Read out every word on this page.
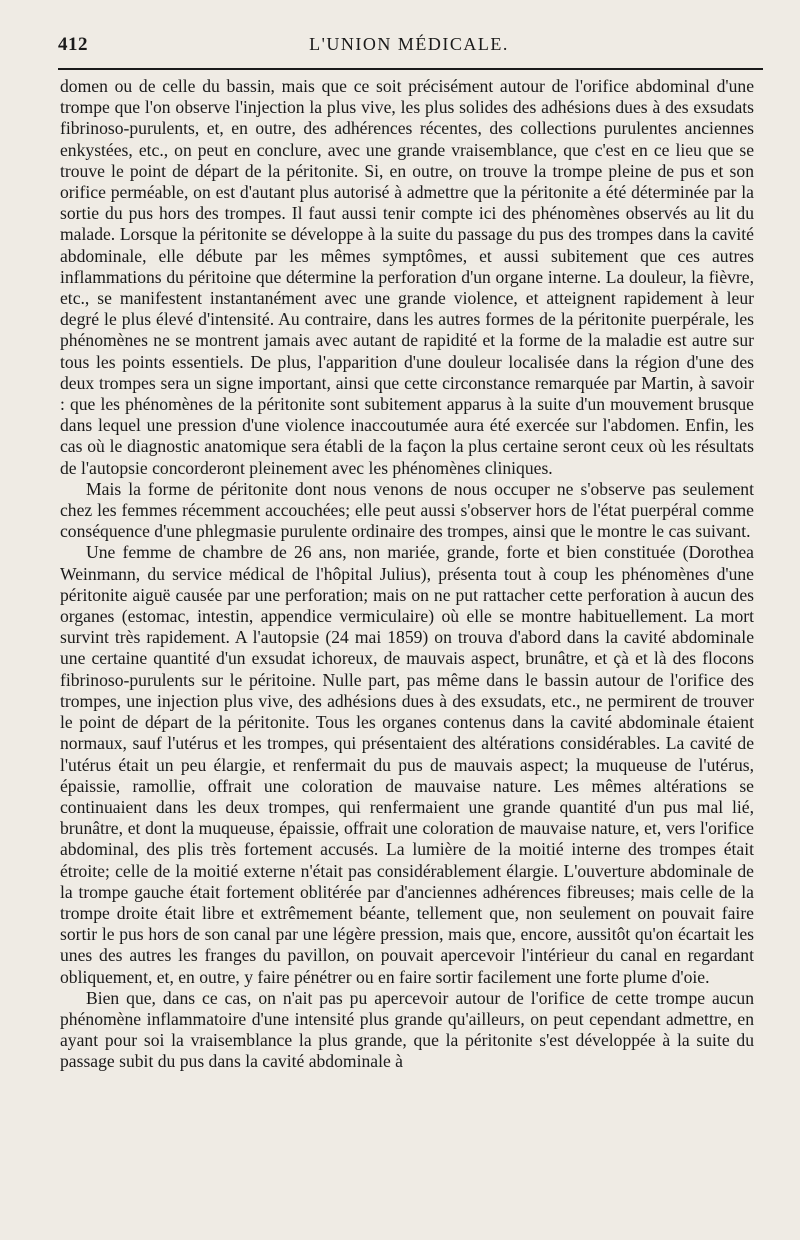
412	L'UNION MÉDICALE.

domen ou de celle du bassin, mais que ce soit précisément autour de l'orifice abdominal d'une trompe que l'on observe l'injection la plus vive, les plus solides des adhésions dues à des exsudats fibrinoso-purulents, et, en outre, des adhérences récentes, des collections purulentes anciennes enkystées, etc., on peut en conclure, avec une grande vraisemblance, que c'est en ce lieu que se trouve le point de départ de la péritonite. Si, en outre, on trouve la trompe pleine de pus et son orifice perméable, on est d'autant plus autorisé à admettre que la péritonite a été déterminée par la sortie du pus hors des trompes. Il faut aussi tenir compte ici des phénomènes observés au lit du malade. Lorsque la péritonite se développe à la suite du passage du pus des trompes dans la cavité abdominale, elle débute par les mêmes symptômes, et aussi subitement que ces autres inflammations du péritoine que détermine la perforation d'un organe interne. La douleur, la fièvre, etc., se manifestent instantanément avec une grande violence, et atteignent rapidement à leur degré le plus élevé d'intensité. Au contraire, dans les autres formes de la péritonite puerpérale, les phénomènes ne se montrent jamais avec autant de rapidité et la forme de la maladie est autre sur tous les points essentiels. De plus, l'apparition d'une douleur localisée dans la région d'une des deux trompes sera un signe important, ainsi que cette circonstance remarquée par Martin, à savoir : que les phénomènes de la péritonite sont subitement apparus à la suite d'un mouvement brusque dans lequel une pression d'une violence inaccoutumée aura été exercée sur l'abdomen. Enfin, les cas où le diagnostic anatomique sera établi de la façon la plus certaine seront ceux où les résultats de l'autopsie concorderont pleinement avec les phénomènes cliniques.

Mais la forme de péritonite dont nous venons de nous occuper ne s'observe pas seulement chez les femmes récemment accouchées; elle peut aussi s'observer hors de l'état puerpéral comme conséquence d'une phlegmasie purulente ordinaire des trompes, ainsi que le montre le cas suivant.

Une femme de chambre de 26 ans, non mariée, grande, forte et bien constituée (Dorothea Weinmann, du service médical de l'hôpital Julius), présenta tout à coup les phénomènes d'une péritonite aiguë causée par une perforation; mais on ne put rattacher cette perforation à aucun des organes (estomac, intestin, appendice vermiculaire) où elle se montre habituellement. La mort survint très rapidement. A l'autopsie (24 mai 1859) on trouva d'abord dans la cavité abdominale une certaine quantité d'un exsudat ichoreux, de mauvais aspect, brunâtre, et çà et là des flocons fibrinoso-purulents sur le péritoine. Nulle part, pas même dans le bassin autour de l'orifice des trompes, une injection plus vive, des adhésions dues à des exsudats, etc., ne permirent de trouver le point de départ de la péritonite. Tous les organes contenus dans la cavité abdominale étaient normaux, sauf l'utérus et les trompes, qui présentaient des altérations considérables. La cavité de l'utérus était un peu élargie, et renfermait du pus de mauvais aspect; la muqueuse de l'utérus, épaissie, ramollie, offrait une coloration de mauvaise nature. Les mêmes altérations se continuaient dans les deux trompes, qui renfermaient une grande quantité d'un pus mal lié, brunâtre, et dont la muqueuse, épaissie, offrait une coloration de mauvaise nature, et, vers l'orifice abdominal, des plis très fortement accusés. La lumière de la moitié interne des trompes était étroite; celle de la moitié externe n'était pas considérablement élargie. L'ouverture abdominale de la trompe gauche était fortement oblitérée par d'anciennes adhérences fibreuses; mais celle de la trompe droite était libre et extrêmement béante, tellement que, non seulement on pouvait faire sortir le pus hors de son canal par une légère pression, mais que, encore, aussitôt qu'on écartait les unes des autres les franges du pavillon, on pouvait apercevoir l'intérieur du canal en regardant obliquement, et, en outre, y faire pénétrer ou en faire sortir facilement une forte plume d'oie.

Bien que, dans ce cas, on n'ait pas pu apercevoir autour de l'orifice de cette trompe aucun phénomène inflammatoire d'une intensité plus grande qu'ailleurs, on peut cependant admettre, en ayant pour soi la vraisemblance la plus grande, que la péritonite s'est développée à la suite du passage subit du pus dans la cavité abdominale à
